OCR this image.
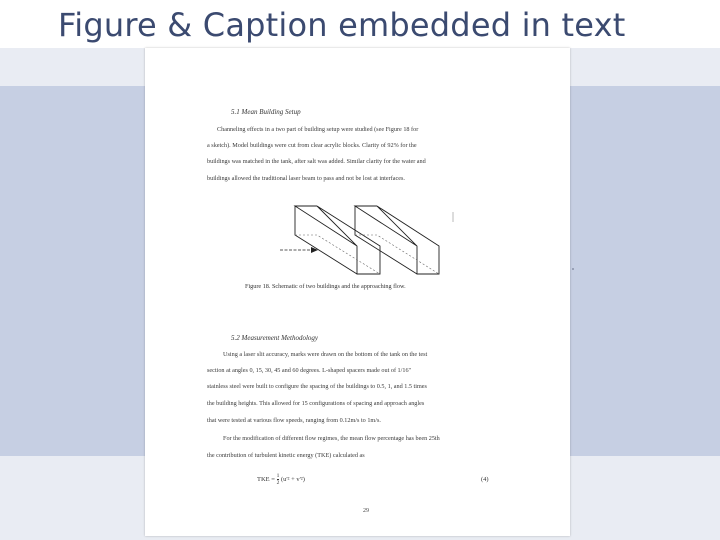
Figure & Caption embedded in text
5.1 Mean Building Setup
Channeling effects in a two part of building setup were studied (see Figure 18 for
a sketch). Model buildings were cut from clear acrylic blocks. Clarity of 92% for the
buildings was matched in the tank, after salt was added. Similar clarity for the water and
buildings allowed the traditional laser beam to pass and not be lost at interfaces.
Figure 18. Schematic of two buildings and the approaching flow.
5.2 Measurement Methodology
Using a laser slit accuracy, marks were drawn on the bottom of the tank on the test
section at angles 0, 15, 30, 45 and 60 degrees. L-shaped spacers made out of 1/16"
stainless steel were built to configure the spacing of the buildings to 0.5, 1, and 1.5 times
the building heights. This allowed for 15 configurations of spacing and approach angles
that were tested at various flow speeds, ranging from 0.12m/s to 1m/s.
For the modification of different flow regimes, the mean flow percentage has been 25th
the contribution of turbulent kinetic energy (TKE) calculated as
TKE = $\frac{1}{2} (u'^2 + v'^2)$	(4)
29
